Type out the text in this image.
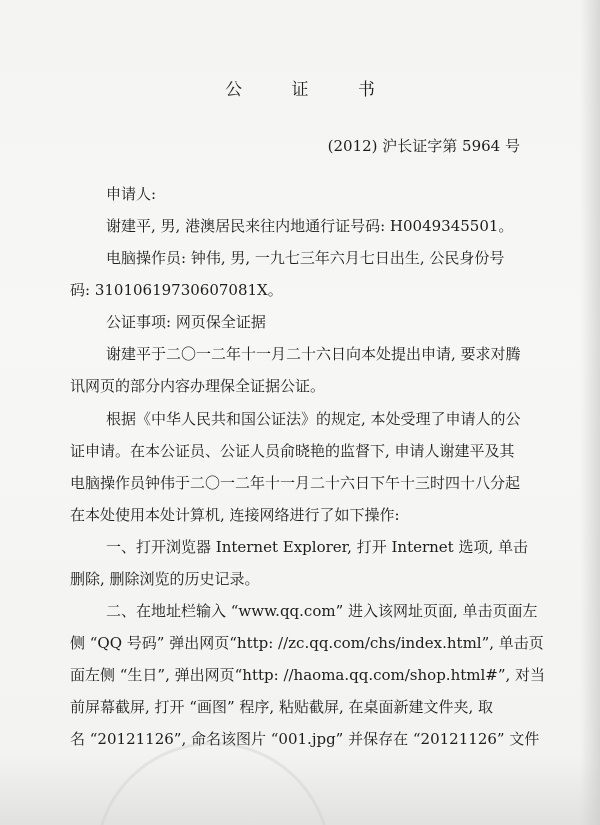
公 证 书
(2012) 沪长证字第 5964 号
申请人:
谢建平, 男, 港澳居民来往内地通行证号码: H0049345501。
电脑操作员: 钟伟, 男, 一九七三年六月七日出生, 公民身份号
码: 31010619730607081X。
公证事项: 网页保全证据
谢建平于二〇一二年十一月二十六日向本处提出申请, 要求对腾
讯网页的部分内容办理保全证据公证。
根据《中华人民共和国公证法》的规定, 本处受理了申请人的公
证申请。在本公证员、公证人员俞晓艳的监督下, 申请人谢建平及其
电脑操作员钟伟于二〇一二年十一月二十六日下午十三时四十八分起
在本处使用本处计算机, 连接网络进行了如下操作:
一、打开浏览器 Internet Explorer, 打开 Internet 选项, 单击
删除, 删除浏览的历史记录。
二、在地址栏输入 “www.qq.com” 进入该网址页面, 单击页面左
侧 “QQ 号码” 弹出网页“http: //zc.qq.com/chs/index.html”, 单击页
面左侧 “生日”, 弹出网页“http: //haoma.qq.com/shop.html#”, 对当
前屏幕截屏, 打开 “画图” 程序, 粘贴截屏, 在桌面新建文件夹, 取
名 “20121126”, 命名该图片 “001.jpg” 并保存在 “20121126” 文件
